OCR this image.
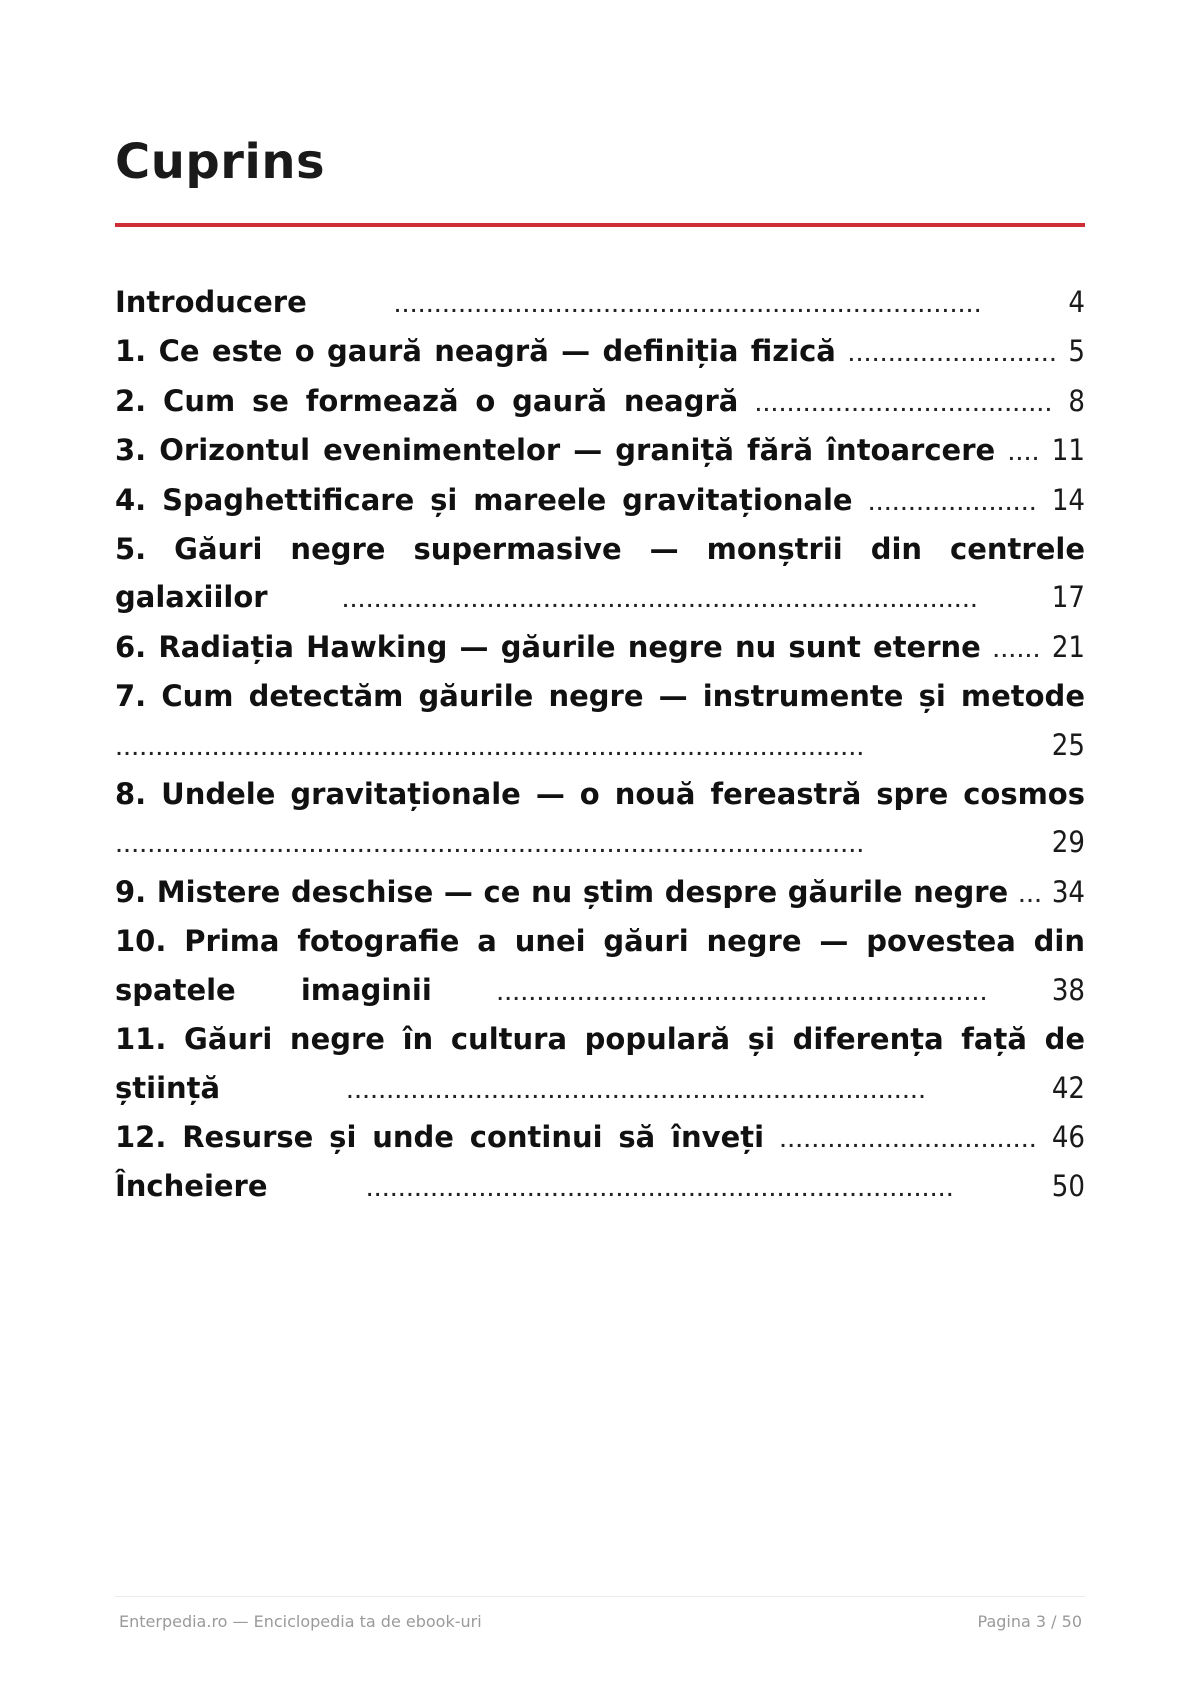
Cuprins
Introducere	.........................................................................	4
1. Ce este o gaură neagră — definiția fizică .......................... 5
2. Cum se formează o gaură neagră ..................................... 8
3. Orizontul evenimentelor — graniță fără întoarcere .... 11
4. Spaghettificare și mareele gravitaționale ..................... 14
5. Găuri negre supermasive — monștrii din centrele galaxiilor	...............................................................................	17
6. Radiația Hawking — găurile negre nu sunt eterne ...... 21
7. Cum detectăm găurile negre — instrumente și metode .............................................................................................	25
8. Undele gravitaționale — o nouă fereastră spre cosmos .............................................................................................	29
9. Mistere deschise — ce nu știm despre găurile negre ... 34
10. Prima fotografie a unei găuri negre — povestea din spatele imaginii ............................................................. 38
11. Găuri negre în cultura populară și diferența față de știință	........................................................................	42
12. Resurse și unde continui să înveți ................................ 46
Încheiere	.........................................................................	50
Enterpedia.ro — Enciclopedia ta de ebook-uri	Pagina 3 / 50
